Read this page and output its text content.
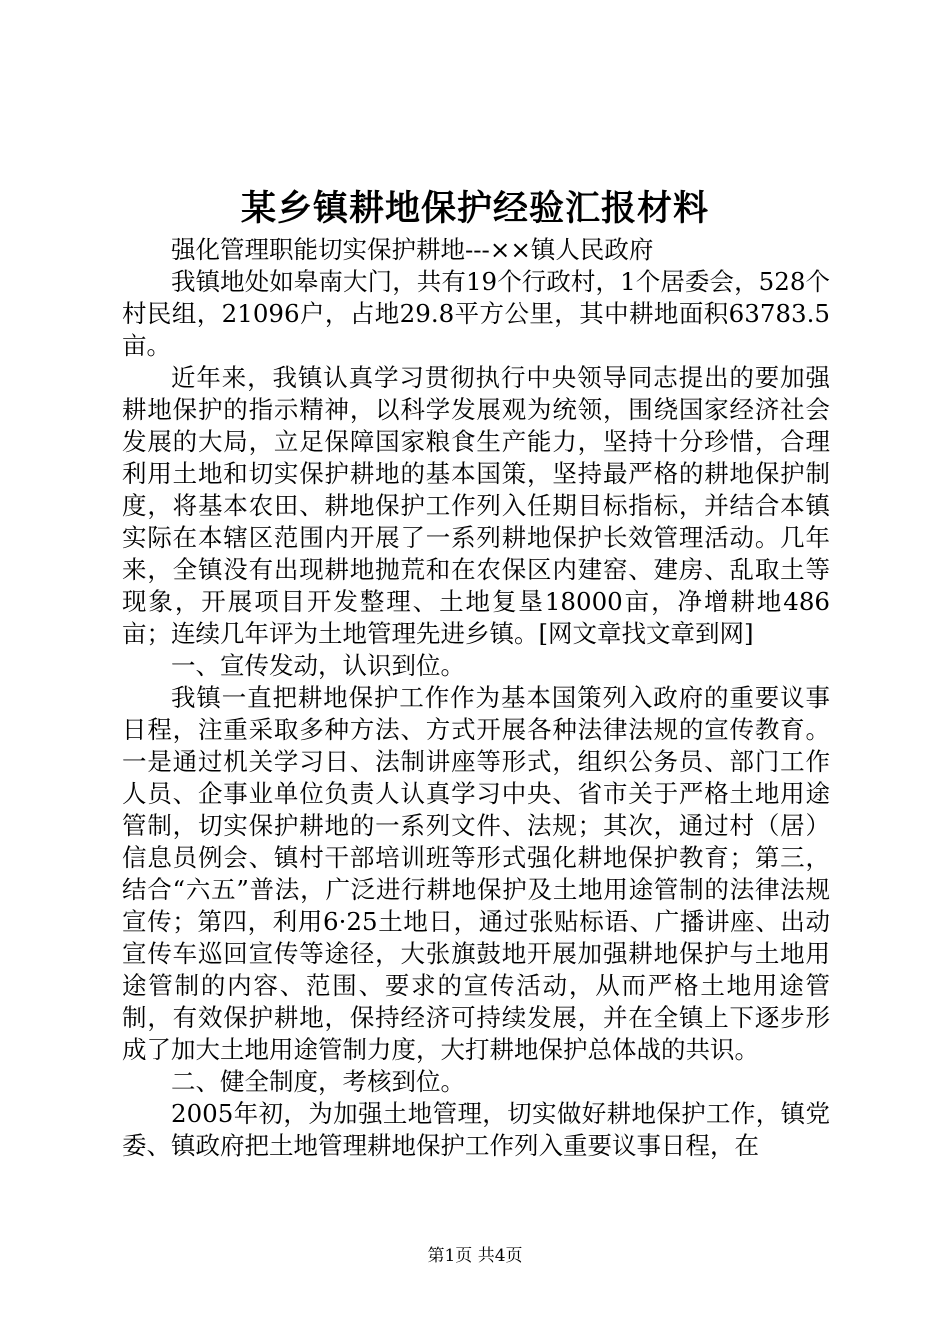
某乡镇耕地保护经验汇报材料

强化管理职能切实保护耕地---××镇人民政府

我镇地处如皋南大门，共有19个行政村，1个居委会，528个村民组，21096户，占地29.8平方公里，其中耕地面积63783.5亩。

近年来，我镇认真学习贯彻执行中央领导同志提出的要加强耕地保护的指示精神，以科学发展观为统领，围绕国家经济社会发展的大局，立足保障国家粮食生产能力，坚持十分珍惜，合理利用土地和切实保护耕地的基本国策，坚持最严格的耕地保护制度，将基本农田、耕地保护工作列入任期目标指标，并结合本镇实际在本辖区范围内开展了一系列耕地保护长效管理活动。几年来，全镇没有出现耕地抛荒和在农保区内建窑、建房、乱取土等现象，开展项目开发整理、土地复垦18000亩，净增耕地486亩；连续几年评为土地管理先进乡镇。[网文章找文章到网]

一、宣传发动，认识到位。

我镇一直把耕地保护工作作为基本国策列入政府的重要议事日程，注重采取多种方法、方式开展各种法律法规的宣传教育。一是通过机关学习日、法制讲座等形式，组织公务员、部门工作人员、企事业单位负责人认真学习中央、省市关于严格土地用途管制，切实保护耕地的一系列文件、法规；其次，通过村（居）信息员例会、镇村干部培训班等形式强化耕地保护教育；第三，结合“六五”普法，广泛进行耕地保护及土地用途管制的法律法规宣传；第四，利用6·25土地日，通过张贴标语、广播讲座、出动宣传车巡回宣传等途径，大张旗鼓地开展加强耕地保护与土地用途管制的内容、范围、要求的宣传活动，从而严格土地用途管制，有效保护耕地，保持经济可持续发展，并在全镇上下逐步形成了加大土地用途管制力度，大打耕地保护总体战的共识。

二、健全制度，考核到位。

2005年初，为加强土地管理，切实做好耕地保护工作，镇党委、镇政府把土地管理耕地保护工作列入重要议事日程，在

第1页 共4页
